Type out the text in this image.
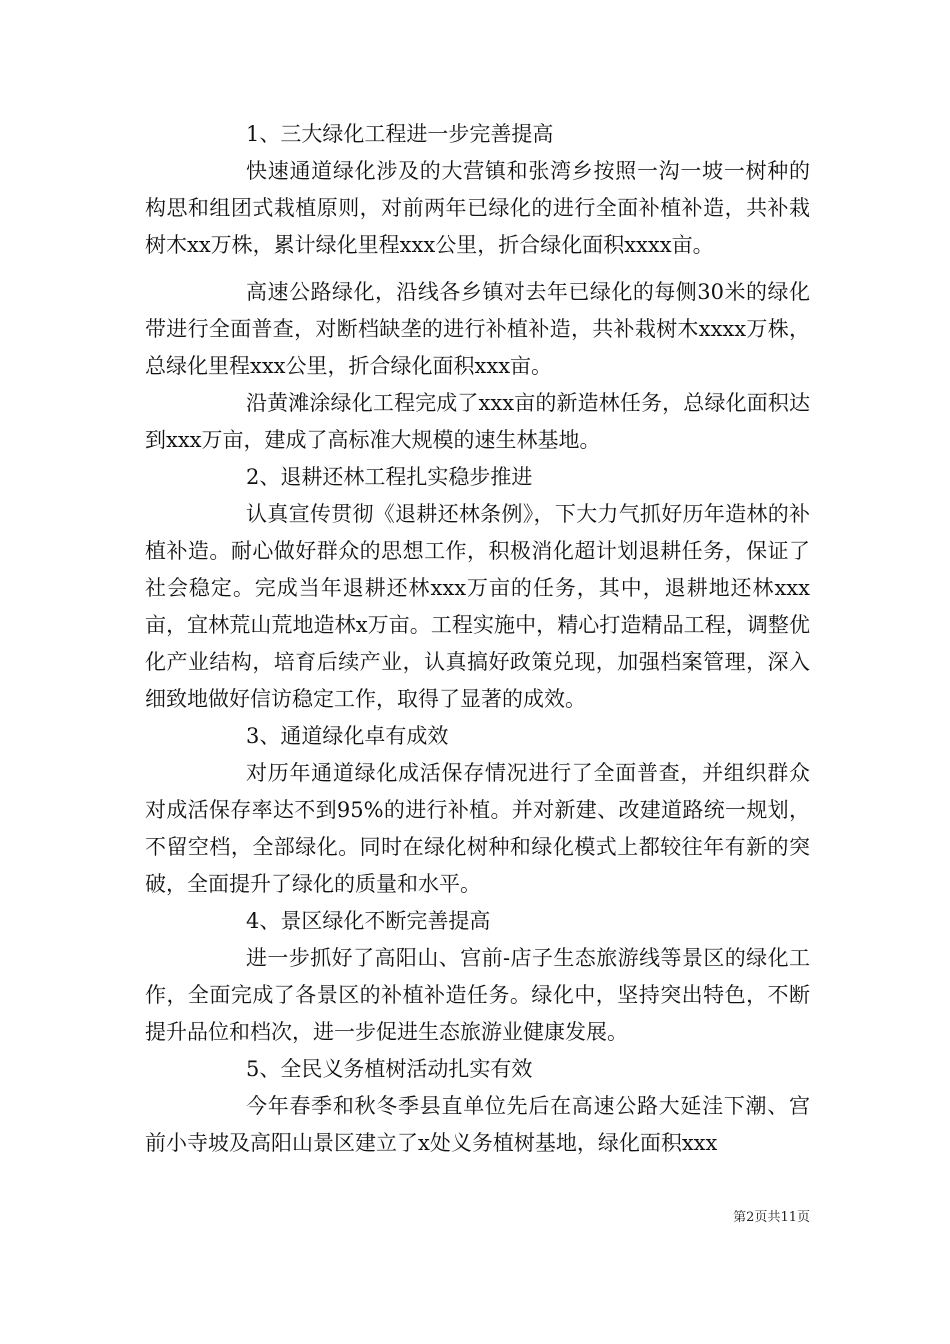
1、三大绿化工程进一步完善提高

快速通道绿化涉及的大营镇和张湾乡按照一沟一坡一树种的构思和组团式栽植原则，对前两年已绿化的进行全面补植补造，共补栽树木xx万株，累计绿化里程xxx公里，折合绿化面积xxxx亩。

高速公路绿化，沿线各乡镇对去年已绿化的每侧30米的绿化带进行全面普查，对断档缺垄的进行补植补造，共补栽树木xxxx万株，总绿化里程xxx公里，折合绿化面积xxx亩。

沿黄滩涂绿化工程完成了xxx亩的新造林任务，总绿化面积达到xxx万亩，建成了高标准大规模的速生林基地。

2、退耕还林工程扎实稳步推进

认真宣传贯彻《退耕还林条例》，下大力气抓好历年造林的补植补造。耐心做好群众的思想工作，积极消化超计划退耕任务，保证了社会稳定。完成当年退耕还林xxx万亩的任务，其中，退耕地还林xxx亩，宜林荒山荒地造林x万亩。工程实施中，精心打造精品工程，调整优化产业结构，培育后续产业，认真搞好政策兑现，加强档案管理，深入细致地做好信访稳定工作，取得了显著的成效。

3、通道绿化卓有成效

对历年通道绿化成活保存情况进行了全面普查，并组织群众对成活保存率达不到95%的进行补植。并对新建、改建道路统一规划，不留空档，全部绿化。同时在绿化树种和绿化模式上都较往年有新的突破，全面提升了绿化的质量和水平。

4、景区绿化不断完善提高

进一步抓好了高阳山、宫前-店子生态旅游线等景区的绿化工作，全面完成了各景区的补植补造任务。绿化中，坚持突出特色，不断提升品位和档次，进一步促进生态旅游业健康发展。

5、全民义务植树活动扎实有效

今年春季和秋冬季县直单位先后在高速公路大延洼下潮、宫前小寺坡及高阳山景区建立了x处义务植树基地，绿化面积xxx

第2页共11页
